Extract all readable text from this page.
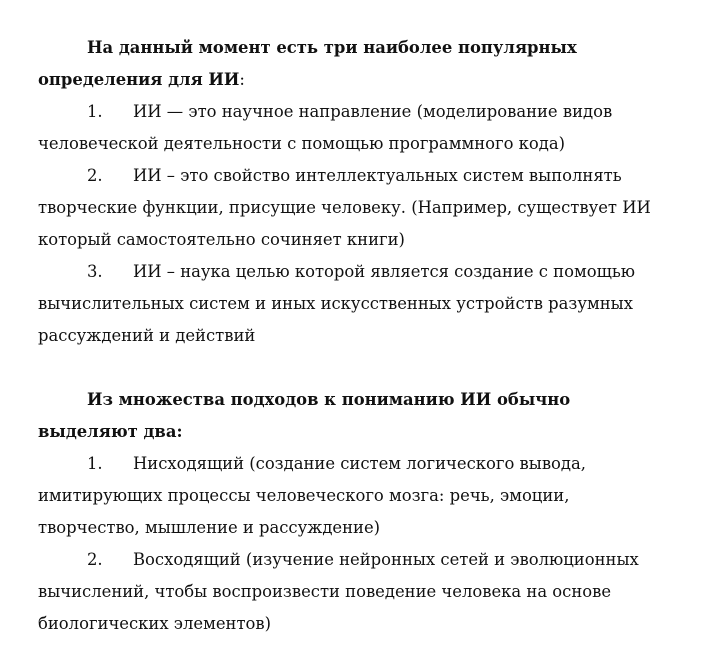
На данный момент есть три наиболее популярных
определения для ИИ:
1. ИИ — это научное направление (моделирование видов
человеческой деятельности с помощью программного кода)
2. ИИ – это свойство интеллектуальных систем выполнять
творческие функции, присущие человеку. (Например, существует ИИ
который самостоятельно сочиняет книги)
3. ИИ – наука целью которой является создание с помощью
вычислительных систем и иных искусственных устройств разумных
рассуждений и действий
Из множества подходов к пониманию ИИ обычно
выделяют два:
1. Нисходящий (создание систем логического вывода,
имитирующих процессы человеческого мозга: речь, эмоции,
творчество, мышление и рассуждение)
2. Восходящий (изучение нейронных сетей и эволюционных
вычислений, чтобы воспроизвести поведение человека на основе
биологических элементов)
